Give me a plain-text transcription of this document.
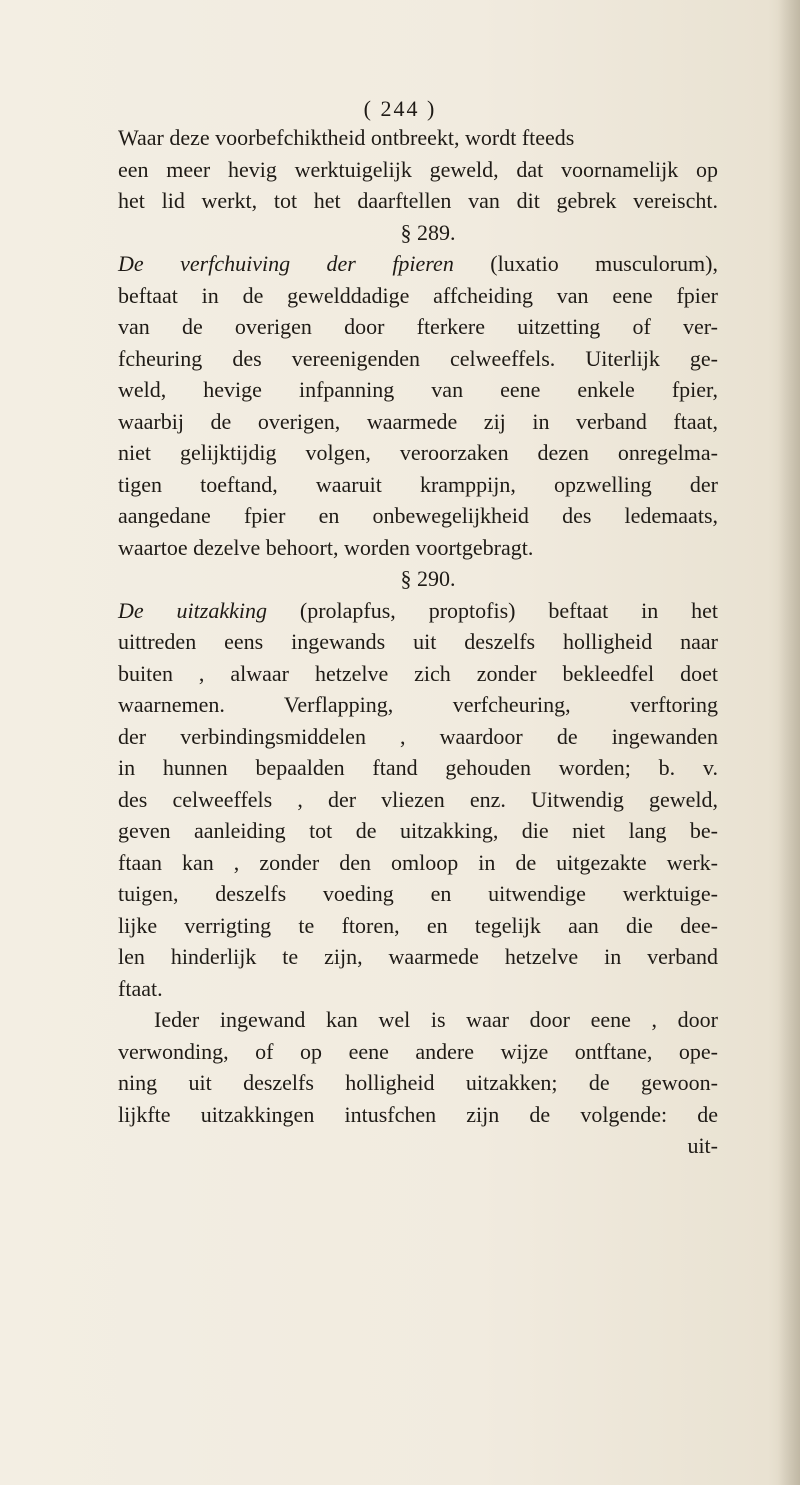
( 244 )
Waar deze voorbefchiktheid ontbreekt, wordt fteeds
een meer hevig werktuigelijk geweld, dat voornamelijk op
het lid werkt, tot het daarftellen van dit gebrek vereischt.
§ 289.
De verfchuiving der fpieren (luxatio musculorum),
beftaat in de gewelddadige affcheiding van eene fpier
van de overigen door fterkere uitzetting of ver-
fcheuring des vereenigenden celweeffels. Uiterlijk ge-
weld, hevige infpanning van eene enkele fpier,
waarbij de overigen, waarmede zij in verband ftaat,
niet gelijktijdig volgen, veroorzaken dezen onregelma-
tigen toeftand, waaruit kramppijn, opzwelling der
aangedane fpier en onbewegelijkheid des ledemaats,
waartoe dezelve behoort, worden voortgebragt.
§ 290.
De uitzakking (prolapfus, proptofis) beftaat in het
uittreden eens ingewands uit deszelfs holligheid naar
buiten , alwaar hetzelve zich zonder bekleedfel doet
waarnemen. Verflapping, verfcheuring, verftoring
der verbindingsmiddelen , waardoor de ingewanden
in hunnen bepaalden ftand gehouden worden; b. v.
des celweeffels , der vliezen enz. Uitwendig geweld,
geven aanleiding tot de uitzakking, die niet lang be-
ftaan kan , zonder den omloop in de uitgezakte werk-
tuigen, deszelfs voeding en uitwendige werktuige-
lijke verrigting te ftoren, en tegelijk aan die dee-
len hinderlijk te zijn, waarmede hetzelve in verband
ftaat.
Ieder ingewand kan wel is waar door eene , door
verwonding, of op eene andere wijze ontftane, ope-
ning uit deszelfs holligheid uitzakken; de gewoon-
lijkfte uitzakkingen intusfchen zijn de volgende: de
uit-
